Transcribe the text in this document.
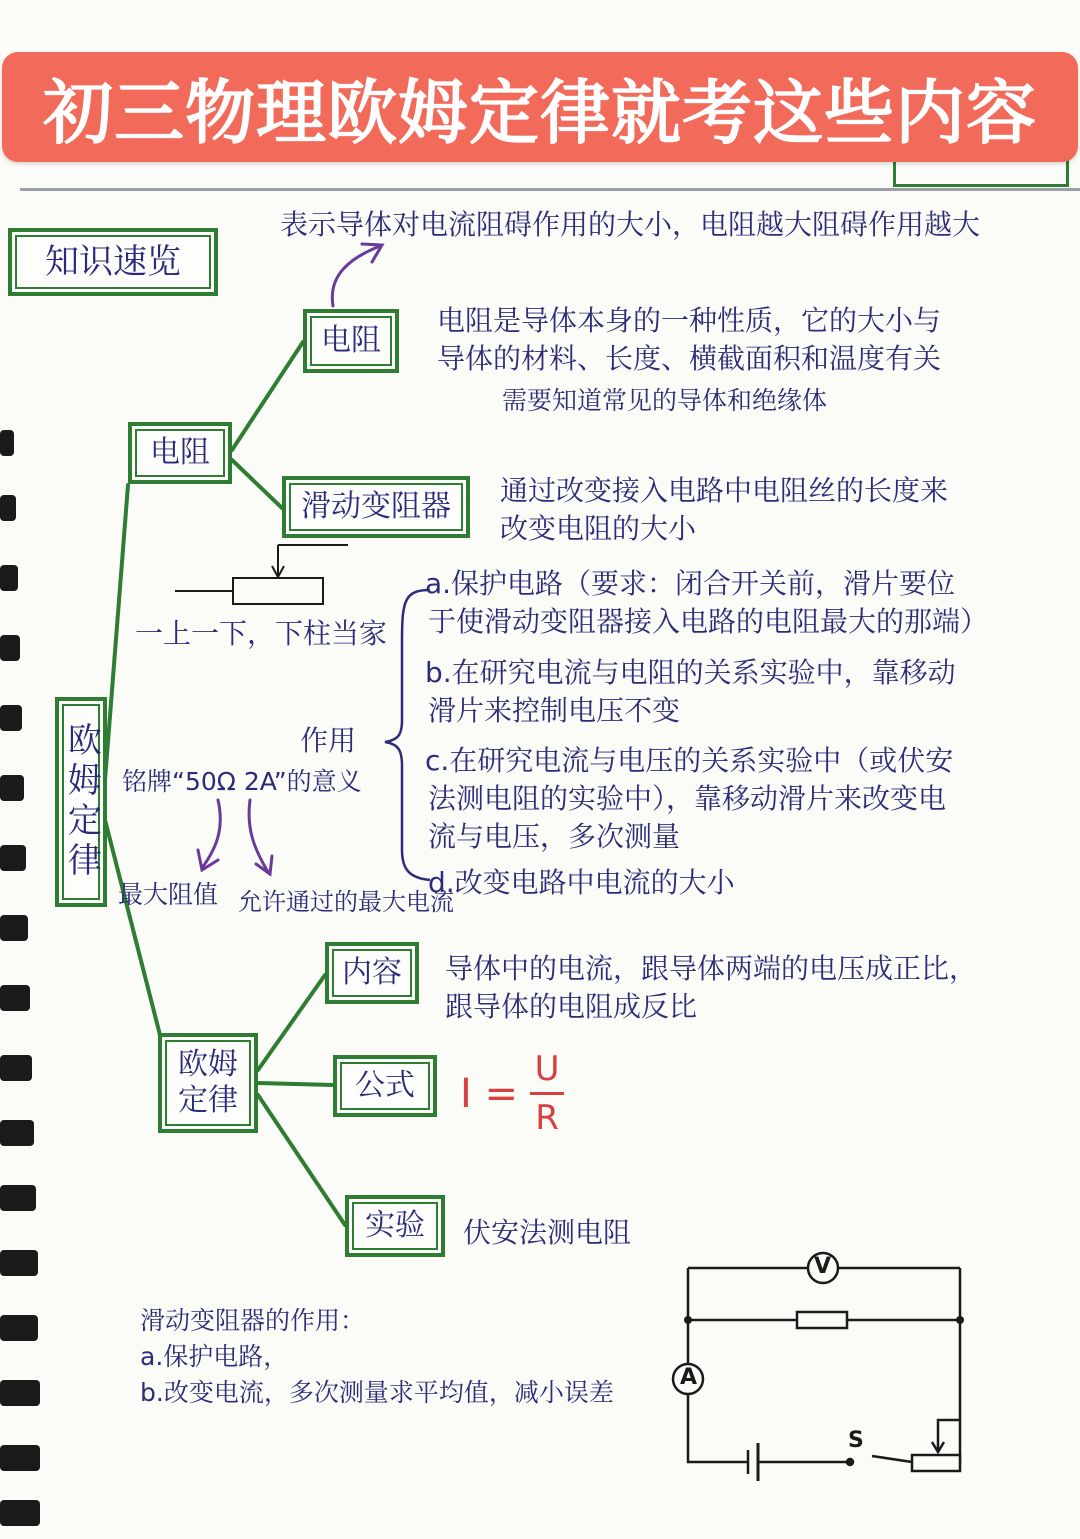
初三物理欧姆定律就考这些内容
V
A
S
知识速览
欧姆定律
电阻
电阻
表示导体对电流阻碍作用的大小，电阻越大阻碍作用越大
电阻是导体本身的一种性质，它的大小与
导体的材料、长度、横截面积和温度有关
需要知道常见的导体和绝缘体
滑动变阻器 通过改变接入电路中电阻丝的长度来
改变电阻的大小
一上一下，下柱当家
作用
铭牌“50Ω 2A”的意义
最大阻值 允许通过的最大电流
a.保护电路（要求：闭合开关前，滑片要位
于使滑动变阻器接入电路的电阻最大的那端）
b.在研究电流与电阻的关系实验中，靠移动
滑片来控制电压不变
c.在研究电流与电压的关系实验中（或伏安
法测电阻的实验中），靠移动滑片来改变电
流与电压，多次测量
d.改变电路中电流的大小
欧姆定律
内容 导体中的电流，跟导体两端的电压成正比，
跟导体的电阻成反比
公式 $I = \frac{U}{R}$
实验 伏安法测电阻
滑动变阻器的作用：
a.保护电路，
b.改变电流，多次测量求平均值，减小误差
